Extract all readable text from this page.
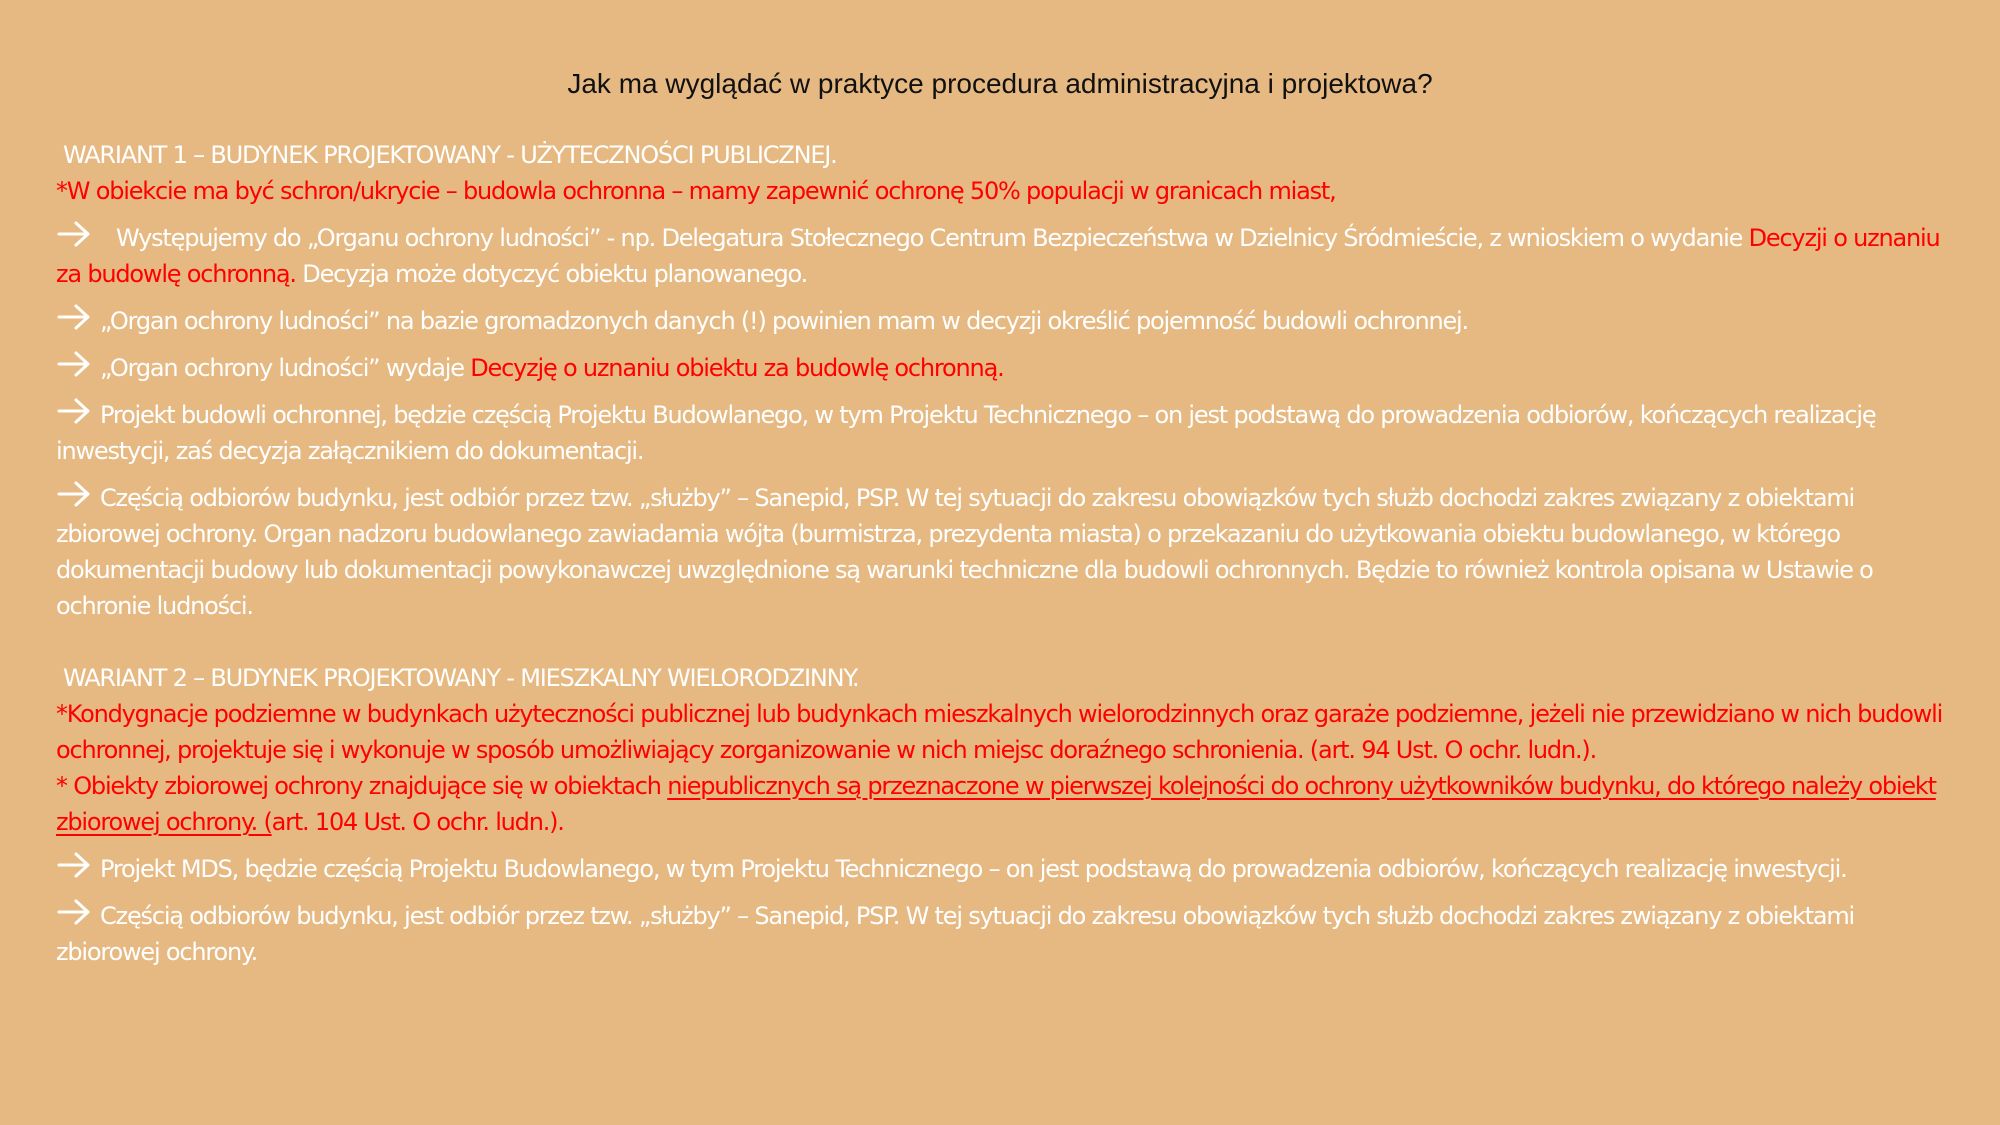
Jak ma wyglądać w praktyce procedura administracyjna i projektowa?

WARIANT 1 – BUDYNEK PROJEKTOWANY - UŻYTECZNOŚCI PUBLICZNEJ.

*W obiekcie ma być schron/ukrycie – budowla ochronna – mamy zapewnić ochronę 50% populacji w granicach miast,

Występujemy do „Organu ochrony ludności” - np. Delegatura Stołecznego Centrum Bezpieczeństwa w Dzielnicy Śródmieście, z wnioskiem o wydanie Decyzji o uznaniu za budowlę ochronną. Decyzja może dotyczyć obiektu planowanego.

„Organ ochrony ludności” na bazie gromadzonych danych (!) powinien mam w decyzji określić pojemność budowli ochronnej.

„Organ ochrony ludności” wydaje Decyzję o uznaniu obiektu za budowlę ochronną.

Projekt budowli ochronnej, będzie częścią Projektu Budowlanego, w tym Projektu Technicznego – on jest podstawą do prowadzenia odbiorów, kończących realizację inwestycji, zaś decyzja załącznikiem do dokumentacji.

Częścią odbiorów budynku, jest odbiór przez tzw. „służby” – Sanepid, PSP. W tej sytuacji do zakresu obowiązków tych służb dochodzi zakres związany z obiektami zbiorowej ochrony. Organ nadzoru budowlanego zawiadamia wójta (burmistrza, prezydenta miasta) o przekazaniu do użytkowania obiektu budowlanego, w którego dokumentacji budowy lub dokumentacji powykonawczej uwzględnione są warunki techniczne dla budowli ochronnych. Będzie to również kontrola opisana w Ustawie o ochronie ludności.

WARIANT 2 – BUDYNEK PROJEKTOWANY - MIESZKALNY WIELORODZINNY.

*Kondygnacje podziemne w budynkach użyteczności publicznej lub budynkach mieszkalnych wielorodzinnych oraz garaże podziemne, jeżeli nie przewidziano w nich budowli ochronnej, projektuje się i wykonuje w sposób umożliwiający zorganizowanie w nich miejsc doraźnego schronienia. (art. 94 Ust. O ochr. ludn.).

* Obiekty zbiorowej ochrony znajdujące się w obiektach niepublicznych są przeznaczone w pierwszej kolejności do ochrony użytkowników budynku, do którego należy obiekt zbiorowej ochrony. (art. 104 Ust. O ochr. ludn.).

Projekt MDS, będzie częścią Projektu Budowlanego, w tym Projektu Technicznego – on jest podstawą do prowadzenia odbiorów, kończących realizację inwestycji.

Częścią odbiorów budynku, jest odbiór przez tzw. „służby” – Sanepid, PSP. W tej sytuacji do zakresu obowiązków tych służb dochodzi zakres związany z obiektami zbiorowej ochrony.
